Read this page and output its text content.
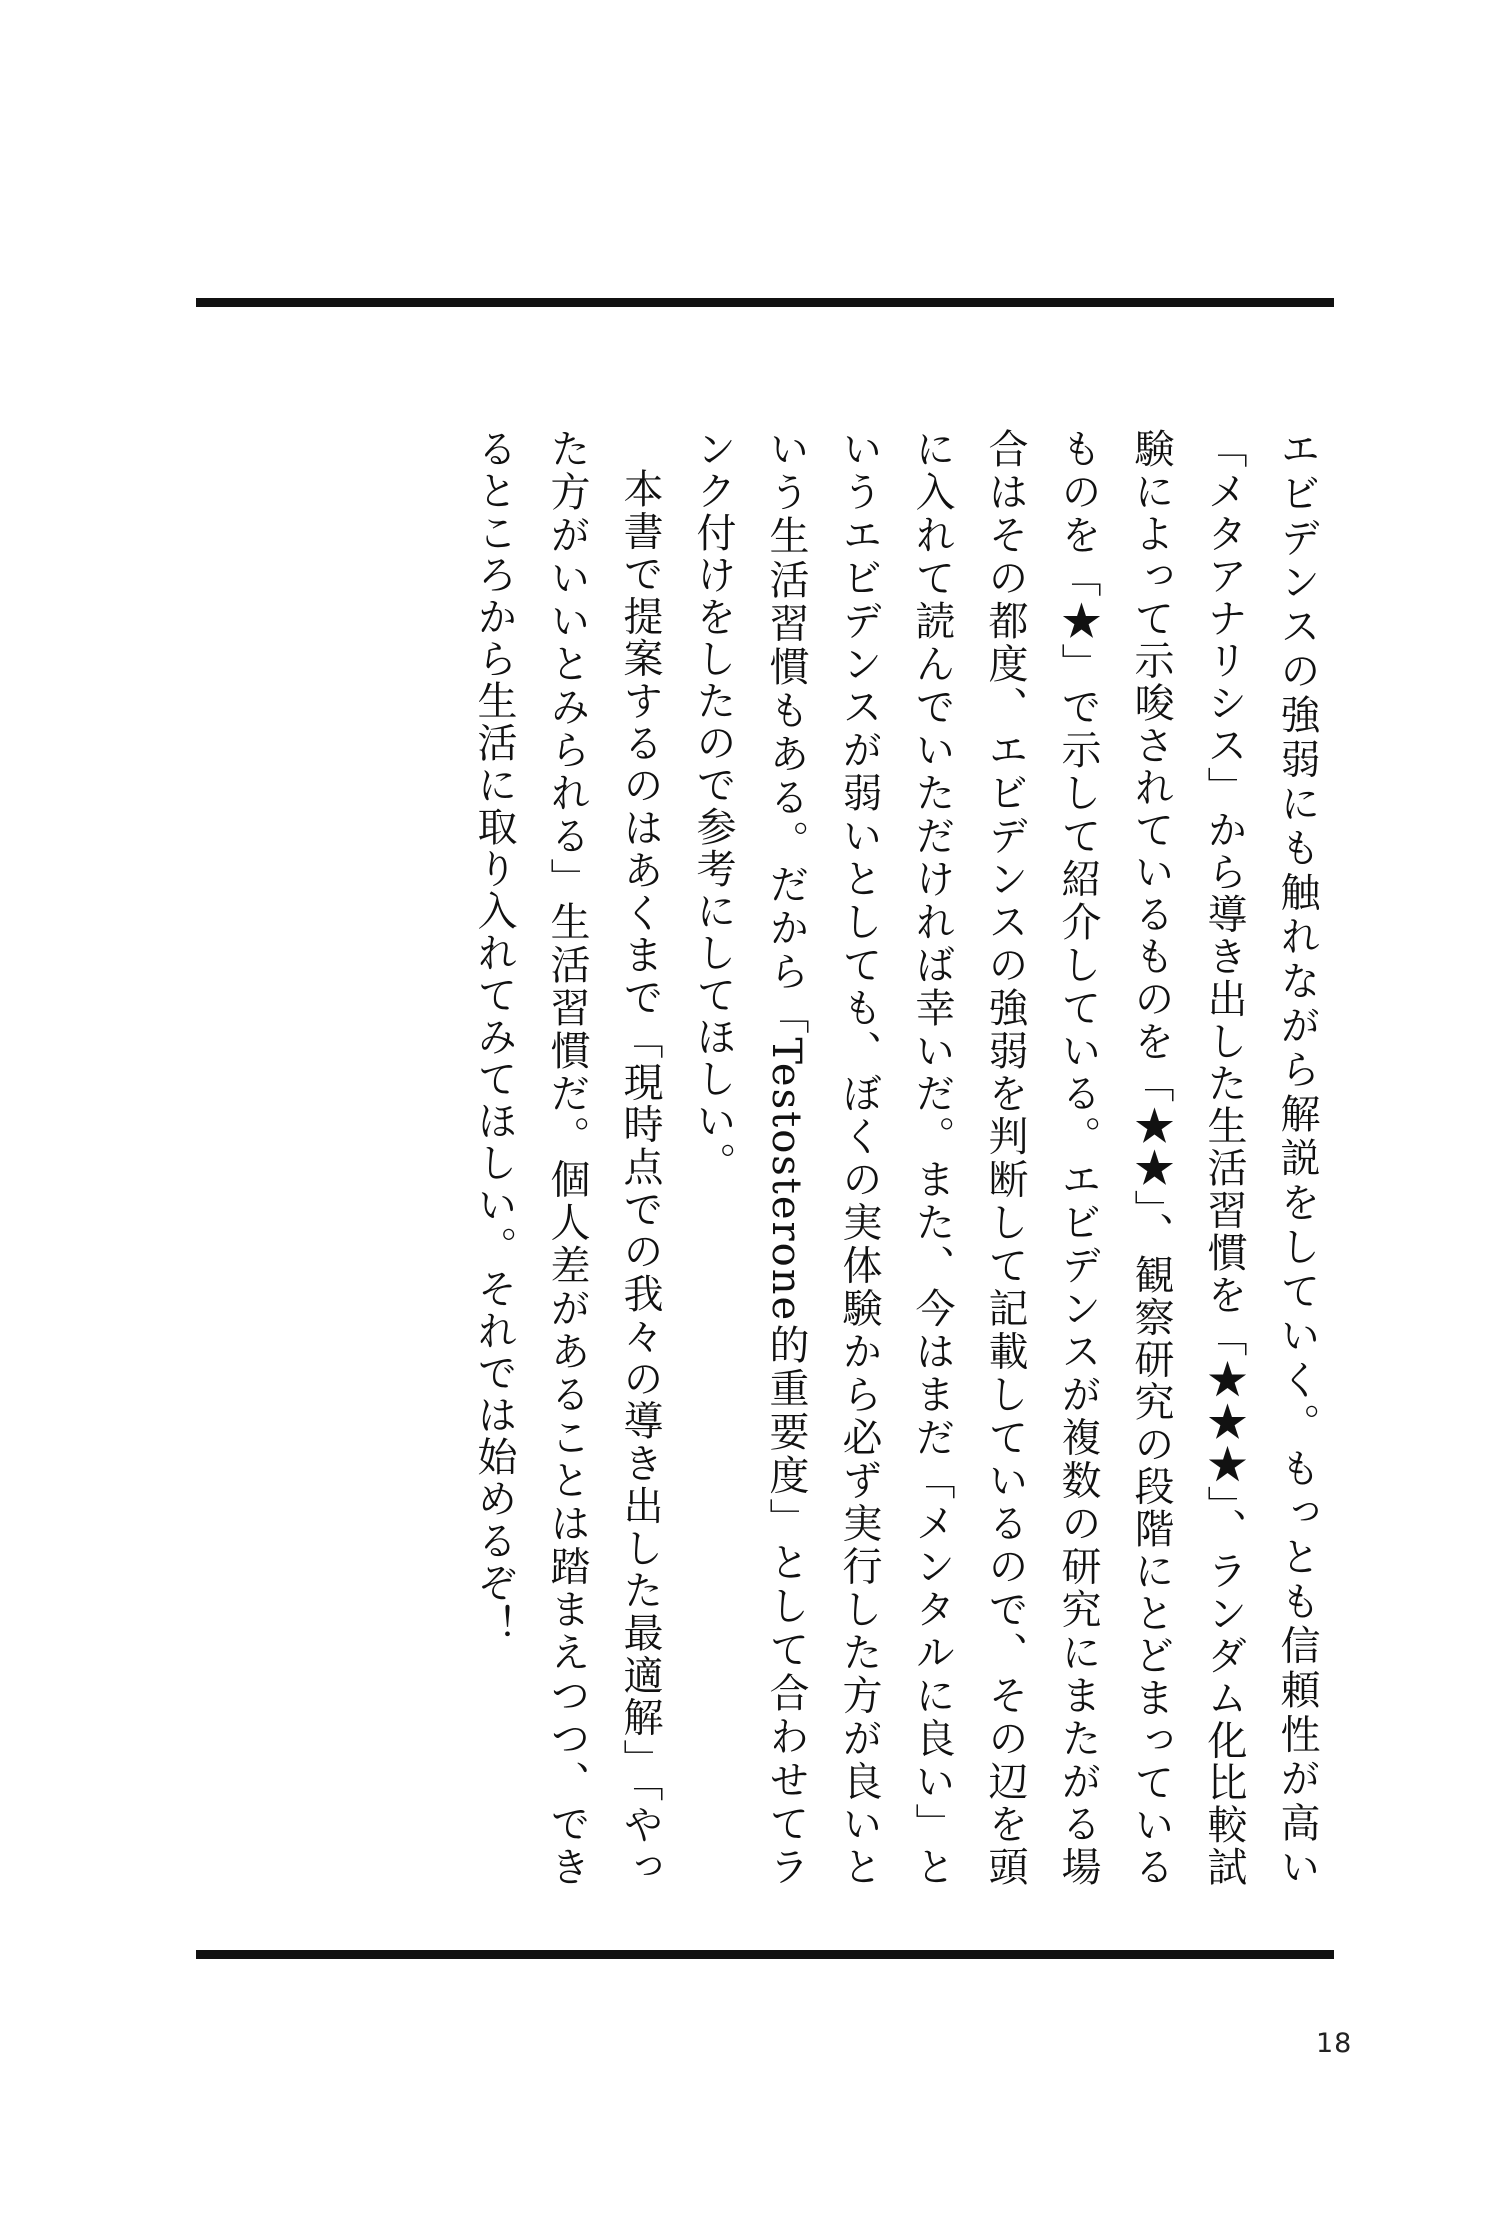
エビデンスの強弱にも触れながら解説をしていく。もっとも信頼性が高い「メタアナリシス」から導き出した生活習慣を「★★★」、ランダム化比較試験によって示唆されているものを「★★」、観察研究の段階にとどまっているものを「★」で示して紹介している。エビデンスが複数の研究にまたがる場合はその都度、エビデンスの強弱を判断して記載しているので、その辺を頭に入れて読んでいただければ幸いだ。また、今はまだ「メンタルに良い」というエビデンスが弱いとしても、ぼくの実体験から必ず実行した方が良いという生活習慣もある。だから「Testosterone的重要度」として合わせてランク付けをしたので参考にしてほしい。

本書で提案するのはあくまで「現時点での我々の導き出した最適解」「やった方がいいとみられる」生活習慣だ。個人差があることは踏まえつつ、できるところから生活に取り入れてみてほしい。それでは始めるぞ！

18
